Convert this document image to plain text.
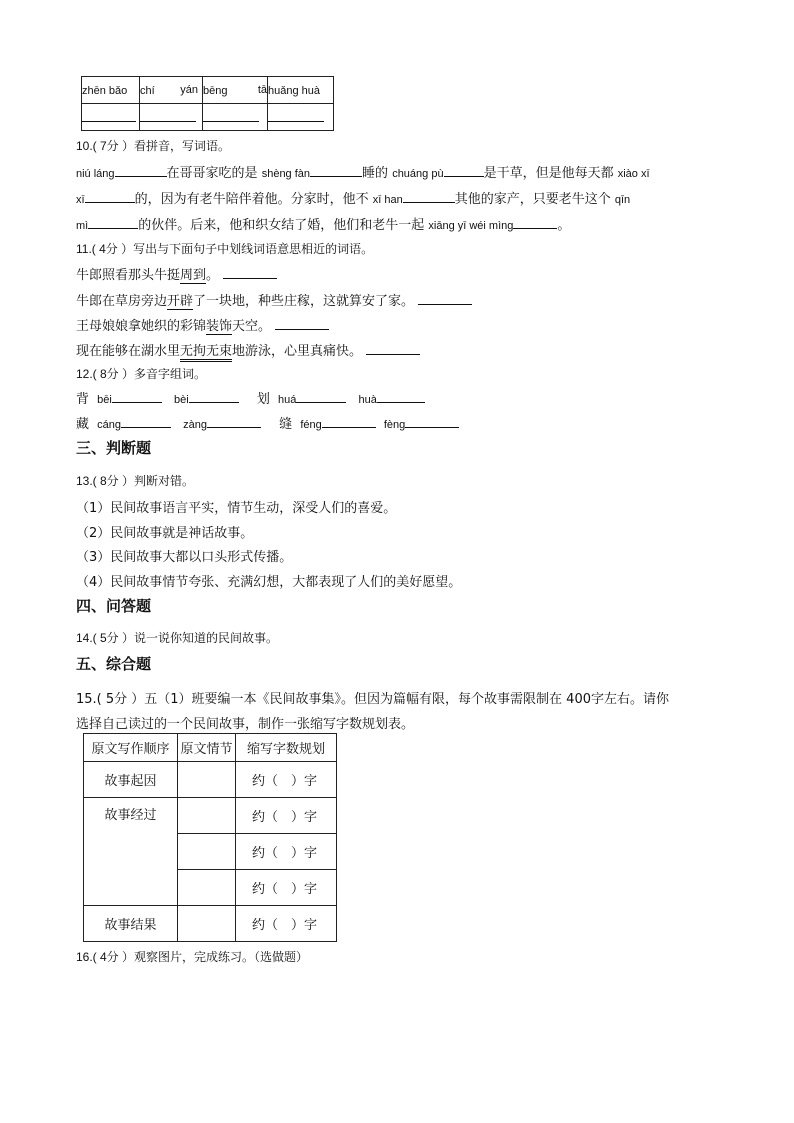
zhēn bǎo	chí yán	bēng tā	huǎng huà

10.( 7分 ）看拼音，写词语。
niú láng	在哥哥家吃的是 shèng fàn	睡的 chuáng pù	是干草，但是他每天都 xiào xī
xī	的，因为有老牛陪伴着他。分家时，他不 xī han	其他的家产，只要老牛这个 qīn
mì	的伙伴。后来，他和织女结了婚，他们和老牛一起 xiāng yī wéi mìng	。
11.( 4分 ）写出与下面句子中划线词语意思相近的词语。
牛郎照看那头牛挺周到。
牛郎在草房旁边开辟了一块地，种些庄稼，这就算安了家。
王母娘娘拿她织的彩锦装饰天空。
现在能够在湖水里无拘无束地游泳，心里真痛快。
12.( 8分 ）多音字组词。
背 bēi	bèi	划 huá	huà
藏 cáng	zàng	缝 féng	fèng
三、判断题
13.( 8分 ）判断对错。
（1）民间故事语言平实，情节生动，深受人们的喜爱。
（2）民间故事就是神话故事。
（3）民间故事大都以口头形式传播。
（4）民间故事情节夸张、充满幻想，大都表现了人们的美好愿望。
四、问答题
14.( 5分 ）说一说你知道的民间故事。
五、综合题
15.( 5分 ）五（1）班要编一本《民间故事集》。但因为篇幅有限，每个故事需限制在 400字左右。请你
选择自己读过的一个民间故事，制作一张缩写字数规划表。
原文写作顺序	原文情节	缩写字数规划
故事起因		约（　）字
故事经过		约（　）字
		约（　）字
		约（　）字
故事结果		约（　）字
16.( 4分 ）观察图片，完成练习。（选做题）
